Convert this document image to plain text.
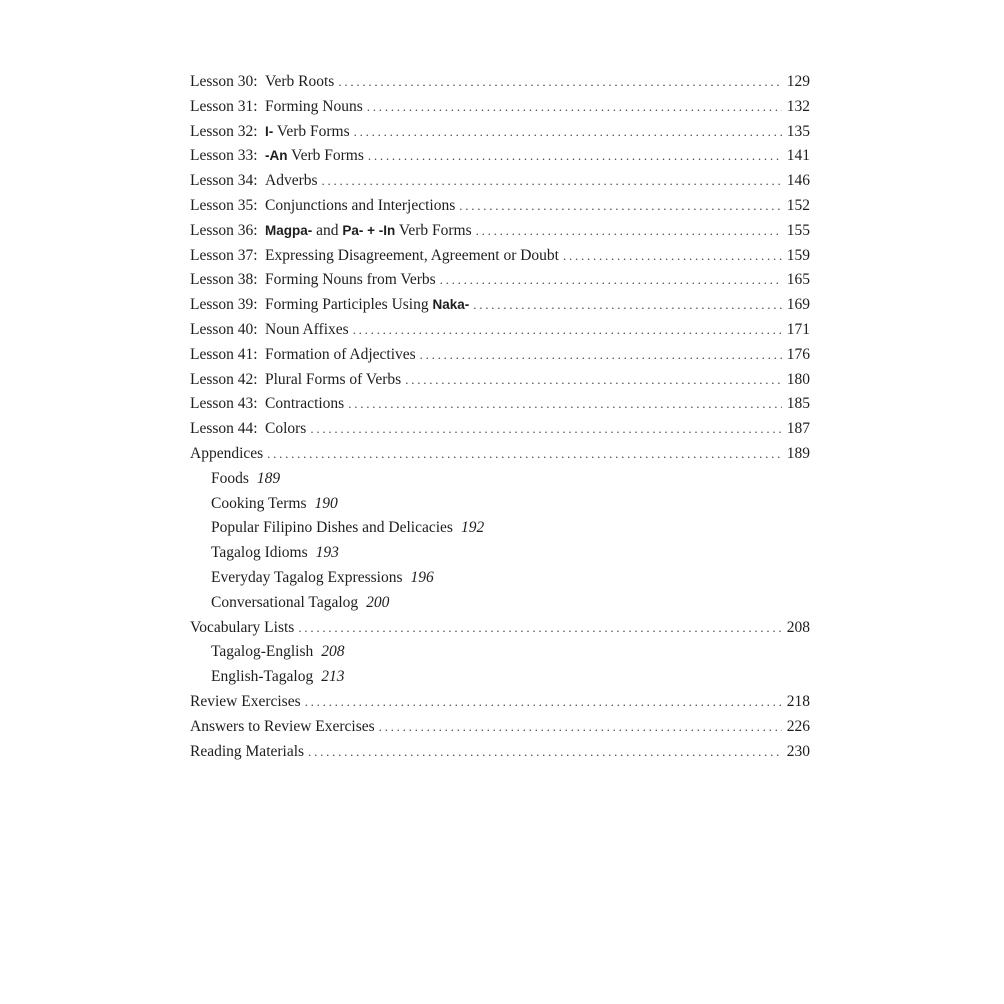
Lesson 30: Verb Roots . . .	129
Lesson 31: Forming Nouns . . .	132
Lesson 32: I- Verb Forms . . .	135
Lesson 33: -An Verb Forms . . .	141
Lesson 34: Adverbs . . .	146
Lesson 35: Conjunctions and Interjections . . .	152
Lesson 36: Magpa- and Pa- + -In Verb Forms . . .	155
Lesson 37: Expressing Disagreement, Agreement or Doubt . . .	159
Lesson 38: Forming Nouns from Verbs . . .	165
Lesson 39: Forming Participles Using Naka- . . .	169
Lesson 40: Noun Affixes . . .	171
Lesson 41: Formation of Adjectives . . .	176
Lesson 42: Plural Forms of Verbs . . .	180
Lesson 43: Contractions . . .	185
Lesson 44: Colors . . .	187
Appendices . . .	189
Foods 189
Cooking Terms 190
Popular Filipino Dishes and Delicacies 192
Tagalog Idioms 193
Everyday Tagalog Expressions 196
Conversational Tagalog 200
Vocabulary Lists . . .	208
Tagalog-English 208
English-Tagalog 213
Review Exercises . . .	218
Answers to Review Exercises . . .	226
Reading Materials . . .	230
